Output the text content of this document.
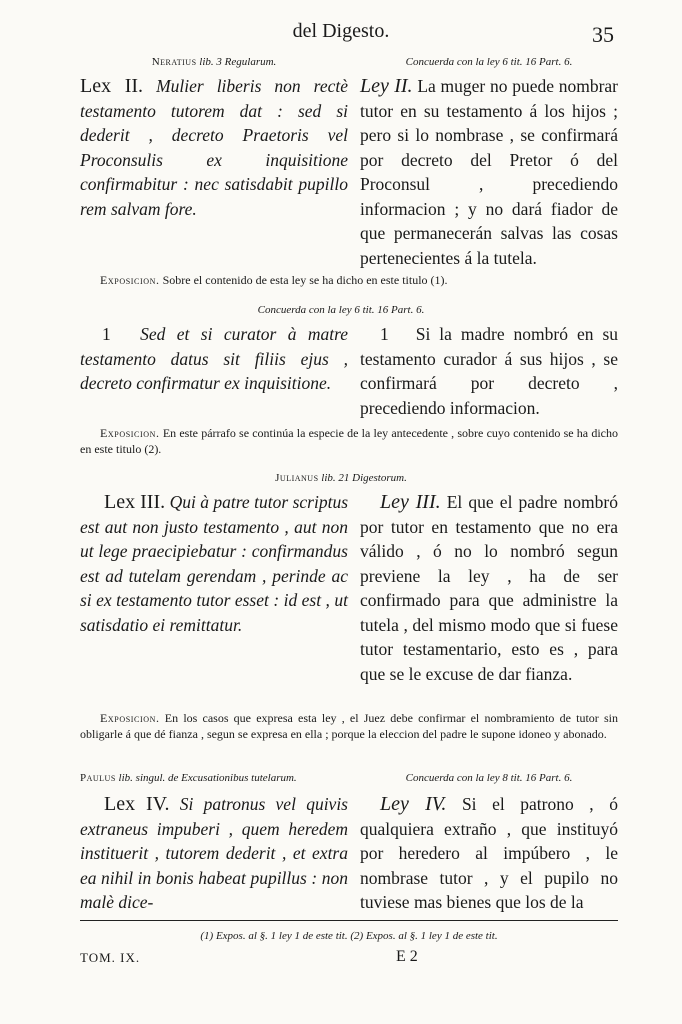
del Digesto.	35
Neratius lib. 3 Regularum.	Concuerda con la ley 6 tit. 16 Part. 6.
Lex II. Mulier liberis non rectè testamento tutorem dat : sed si dederit , decreto Praetoris vel Proconsulis ex inquisitione confirmabitur : nec satisdabit pupillo rem salvam fore.
Ley II. La muger no puede nombrar tutor en su testamento á los hijos ; pero si lo nombrase , se confirmará por decreto del Pretor ó del Proconsul , precediendo informacion ; y no dará fiador de que permanecerán salvas las cosas pertenecientes á la tutela.
Exposicion. Sobre el contenido de esta ley se ha dicho en este titulo (1).
Concuerda con la ley 6 tit. 16 Part. 6.
1 Sed et si curator à matre testamento datus sit filiis ejus , decreto confirmatur ex inquisitione.
1 Si la madre nombró en su testamento curador á sus hijos , se confirmará por decreto , precediendo informacion.
Exposicion. En este párrafo se continúa la especie de la ley antecedente , sobre cuyo contenido se ha dicho en este titulo (2).
Julianus lib. 21 Digestorum.
Lex III. Qui à patre tutor scriptus est aut non justo testamento , aut non ut lege praecipiebatur : confirmandus est ad tutelam gerendam , perinde ac si ex testamento tutor esset : id est , ut satisdatio ei remittatur.
Ley III. El que el padre nombró por tutor en testamento que no era válido , ó no lo nombró segun previene la ley , ha de ser confirmado para que administre la tutela , del mismo modo que si fuese tutor testamentario, esto es , para que se le excuse de dar fianza.
Exposicion. En los casos que expresa esta ley , el Juez debe confirmar el nombramiento de tutor sin obligarle á que dé fianza , segun se expresa en ella ; porque la eleccion del padre le supone idoneo y abonado.
Paulus lib. singul. de Excusationibus tutelarum.	Concuerda con la ley 8 tit. 16 Part. 6.
Lex IV. Si patronus vel quivis extraneus impuberi , quem heredem instituerit , tutorem dederit , et extra ea nihil in bonis habeat pupillus : non malè dice-
Ley IV. Si el patrono , ó qualquiera extraño , que instituyó por heredero al impúbero , le nombrase tutor , y el pupilo no tuviese mas bienes que los de la
(1) Expos. al §. 1 ley 1 de este tit. (2) Expos. al §. 1 ley 1 de este tit.
TOM. IX.	E 2
